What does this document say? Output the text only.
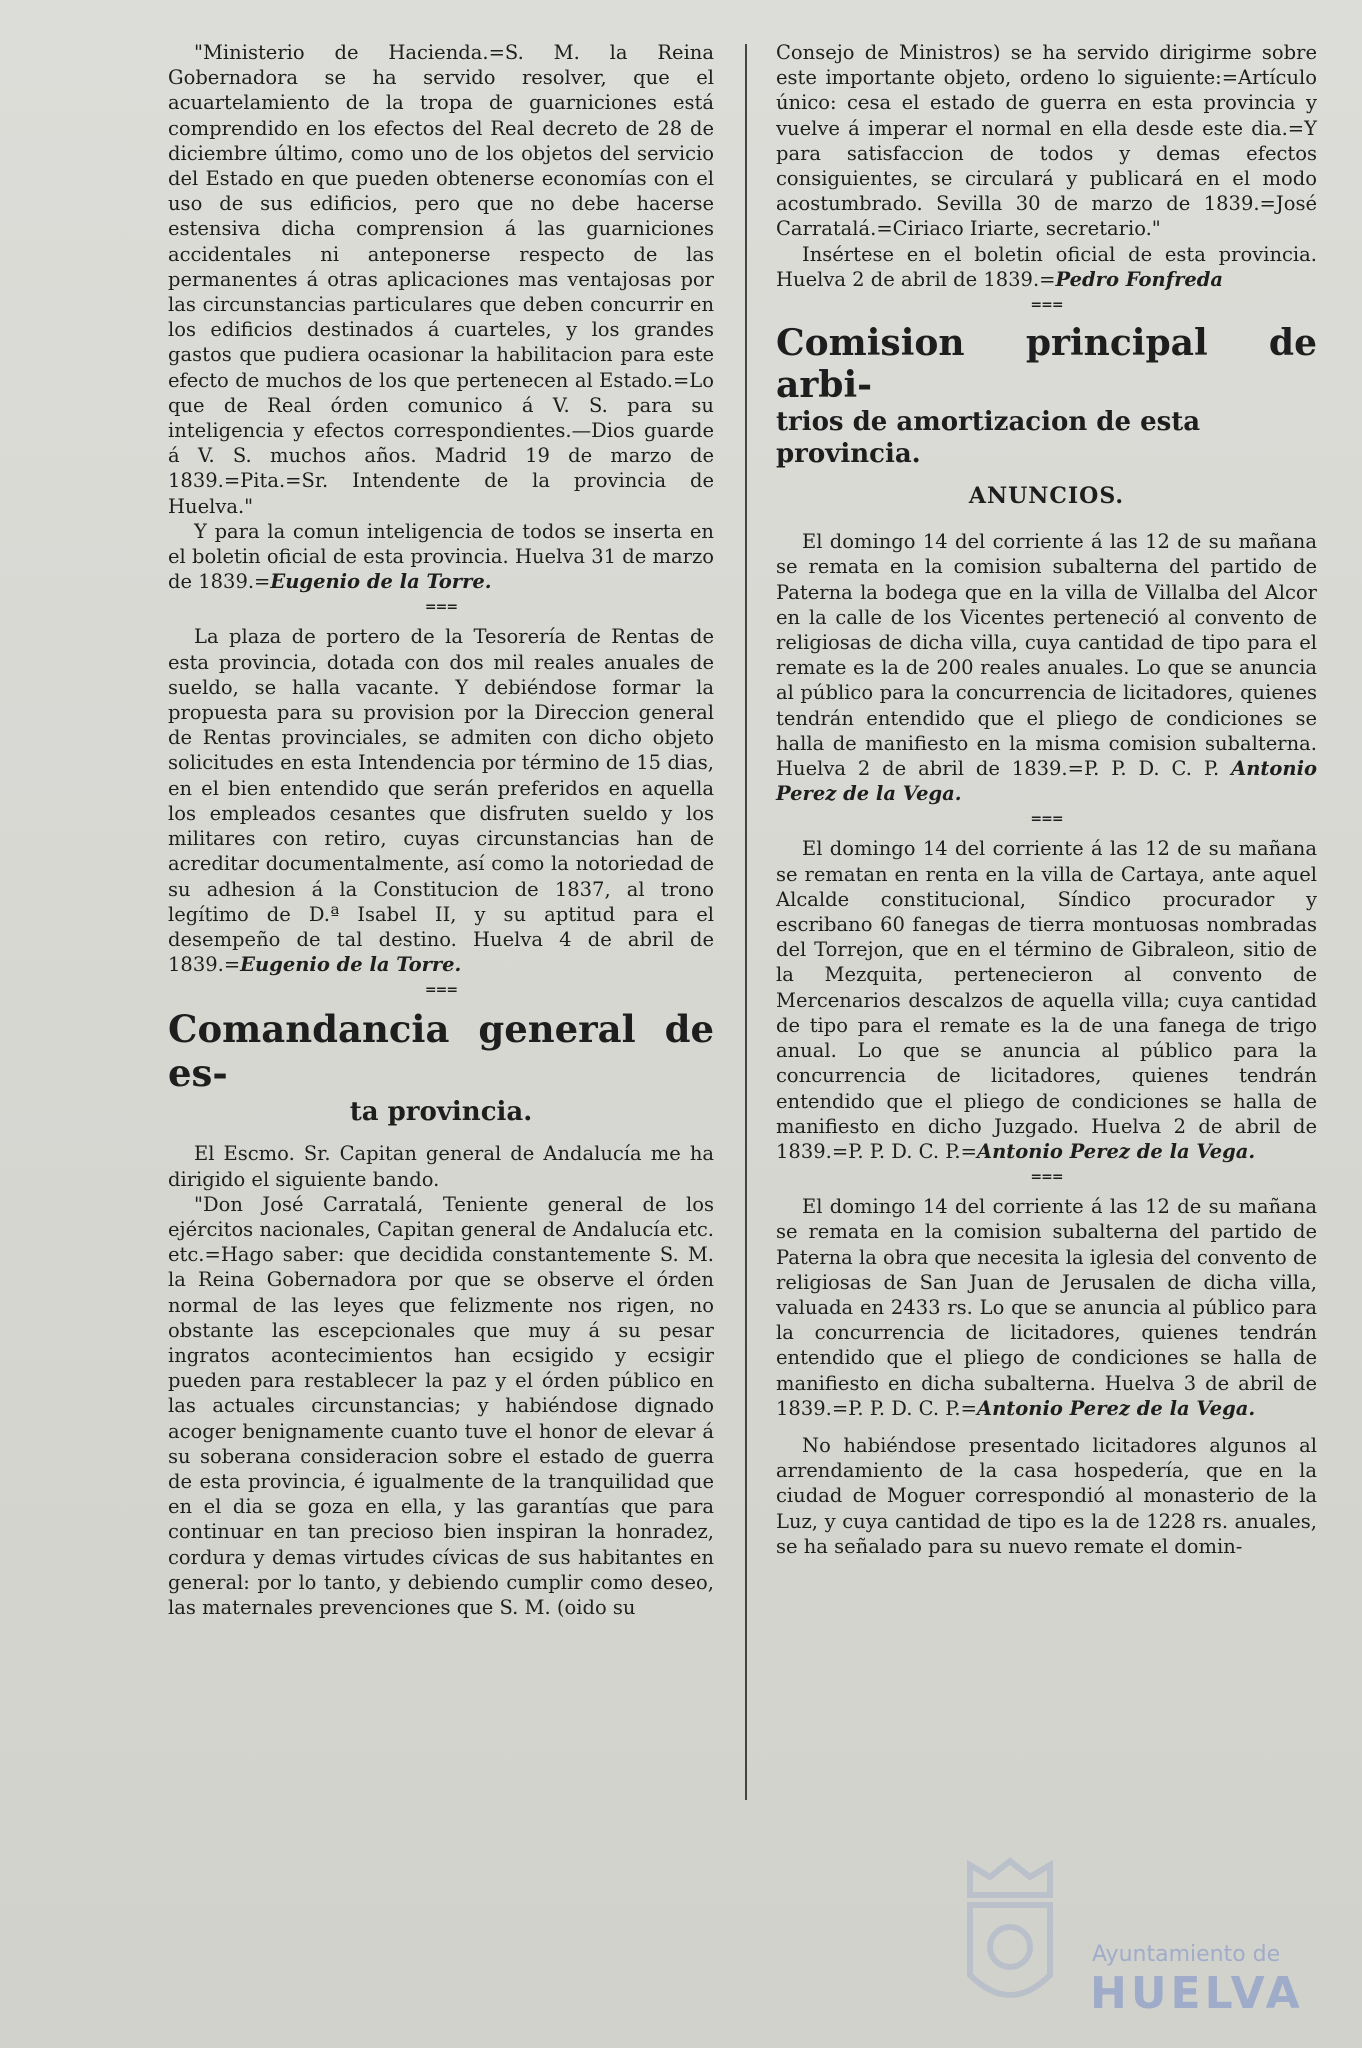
"Ministerio de Hacienda.=S. M. la Reina Gobernadora se ha servido resolver, que el acuartelamiento de la tropa de guarniciones está comprendido en los efectos del Real decreto de 28 de diciembre último, como uno de los objetos del servicio del Estado en que pueden obtenerse economías con el uso de sus edificios, pero que no debe hacerse estensiva dicha comprension á las guarniciones accidentales ni anteponerse respecto de las permanentes á otras aplicaciones mas ventajosas por las circunstancias particulares que deben concurrir en los edificios destinados á cuarteles, y los grandes gastos que pudiera ocasionar la habilitacion para este efecto de muchos de los que pertenecen al Estado.=Lo que de Real órden comunico á V. S. para su inteligencia y efectos correspondientes.—Dios guarde á V. S. muchos años. Madrid 19 de marzo de 1839.=Pita.=Sr. Intendente de la provincia de Huelva."

Y para la comun inteligencia de todos se inserta en el boletin oficial de esta provincia. Huelva 31 de marzo de 1839.=Eugenio de la Torre.

===

La plaza de portero de la Tesorería de Rentas de esta provincia, dotada con dos mil reales anuales de sueldo, se halla vacante. Y debiéndose formar la propuesta para su provision por la Direccion general de Rentas provinciales, se admiten con dicho objeto solicitudes en esta Intendencia por término de 15 dias, en el bien entendido que serán preferidos en aquella los empleados cesantes que disfruten sueldo y los militares con retiro, cuyas circunstancias han de acreditar documentalmente, así como la notoriedad de su adhesion á la Constitucion de 1837, al trono legítimo de D.ª Isabel II, y su aptitud para el desempeño de tal destino. Huelva 4 de abril de 1839.=Eugenio de la Torre.

===
Comandancia general de es-
ta provincia.

El Escmo. Sr. Capitan general de Andalucía me ha dirigido el siguiente bando.

"Don José Carratalá, Teniente general de los ejércitos nacionales, Capitan general de Andalucía etc. etc.=Hago saber: que decidida constantemente S. M. la Reina Gobernadora por que se observe el órden normal de las leyes que felizmente nos rigen, no obstante las escepcionales que muy á su pesar ingratos acontecimientos han ecsigido y ecsigir pueden para restablecer la paz y el órden público en las actuales circunstancias; y habiéndose dignado acoger benignamente cuanto tuve el honor de elevar á su soberana consideracion sobre el estado de guerra de esta provincia, é igualmente de la tranquilidad que en el dia se goza en ella, y las garantías que para continuar en tan precioso bien inspiran la honradez, cordura y demas virtudes cívicas de sus habitantes en general: por lo tanto, y debiendo cumplir como deseo, las maternales prevenciones que S. M. (oido su

Consejo de Ministros) se ha servido dirigirme sobre este importante objeto, ordeno lo siguiente:=Artículo único: cesa el estado de guerra en esta provincia y vuelve á imperar el normal en ella desde este dia.=Y para satisfaccion de todos y demas efectos consiguientes, se circulará y publicará en el modo acostumbrado. Sevilla 30 de marzo de 1839.=José Carratalá.=Ciriaco Iriarte, secretario."

Insértese en el boletin oficial de esta provincia. Huelva 2 de abril de 1839.=Pedro Fonfreda

===
Comision principal de arbi-
trios de amortizacion de esta provincia.
ANUNCIOS.

El domingo 14 del corriente á las 12 de su mañana se remata en la comision subalterna del partido de Paterna la bodega que en la villa de Villalba del Alcor en la calle de los Vicentes perteneció al convento de religiosas de dicha villa, cuya cantidad de tipo para el remate es la de 200 reales anuales. Lo que se anuncia al público para la concurrencia de licitadores, quienes tendrán entendido que el pliego de condiciones se halla de manifiesto en la misma comision subalterna. Huelva 2 de abril de 1839.=P. P. D. C. P. Antonio Perez de la Vega.

===

El domingo 14 del corriente á las 12 de su mañana se rematan en renta en la villa de Cartaya, ante aquel Alcalde constitucional, Síndico procurador y escribano 60 fanegas de tierra montuosas nombradas del Torrejon, que en el término de Gibraleon, sitio de la Mezquita, pertenecieron al convento de Mercenarios descalzos de aquella villa; cuya cantidad de tipo para el remate es la de una fanega de trigo anual. Lo que se anuncia al público para la concurrencia de licitadores, quienes tendrán entendido que el pliego de condiciones se halla de manifiesto en dicho Juzgado. Huelva 2 de abril de 1839.=P. P. D. C. P.=Antonio Perez de la Vega.

===

El domingo 14 del corriente á las 12 de su mañana se remata en la comision subalterna del partido de Paterna la obra que necesita la iglesia del convento de religiosas de San Juan de Jerusalen de dicha villa, valuada en 2433 rs. Lo que se anuncia al público para la concurrencia de licitadores, quienes tendrán entendido que el pliego de condiciones se halla de manifiesto en dicha subalterna. Huelva 3 de abril de 1839.=P. P. D. C. P.=Antonio Perez de la Vega.

No habiéndose presentado licitadores algunos al arrendamiento de la casa hospedería, que en la ciudad de Moguer correspondió al monasterio de la Luz, y cuya cantidad de tipo es la de 1228 rs. anuales, se ha señalado para su nuevo remate el domin-

Ayuntamiento de
HUELVA
